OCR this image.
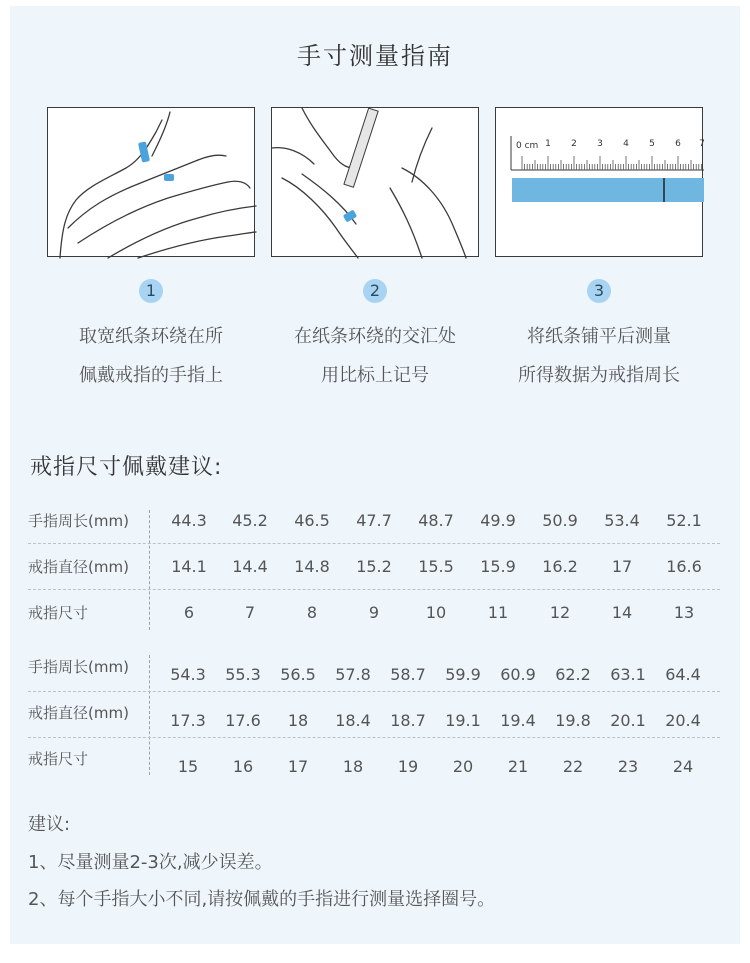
手寸测量指南
0 cm 1 2 3 4 5 6 7
1	2	3
取宽纸条环绕在所
佩戴戒指的手指上
在纸条环绕的交汇处
用比标上记号
将纸条铺平后测量
所得数据为戒指周长
戒指尺寸佩戴建议:
手指周长(mm)	44.3	45.2	46.5	47.7	48.7	49.9	50.9	53.4	52.1
戒指直径(mm)	14.1	14.4	14.8	15.2	15.5	15.9	16.2	17	16.6
戒指尺寸	6	7	8	9	10	11	12	14	13
手指周长(mm)	54.3	55.3	56.5	57.8	58.7	59.9	60.9	62.2	63.1	64.4
戒指直径(mm)	17.3	17.6	18	18.4	18.7	19.1	19.4	19.8	20.1	20.4
戒指尺寸	15	16	17	18	19	20	21	22	23	24
建议:
1、尽量测量2-3次,减少误差。
2、每个手指大小不同,请按佩戴的手指进行测量选择圈号。
